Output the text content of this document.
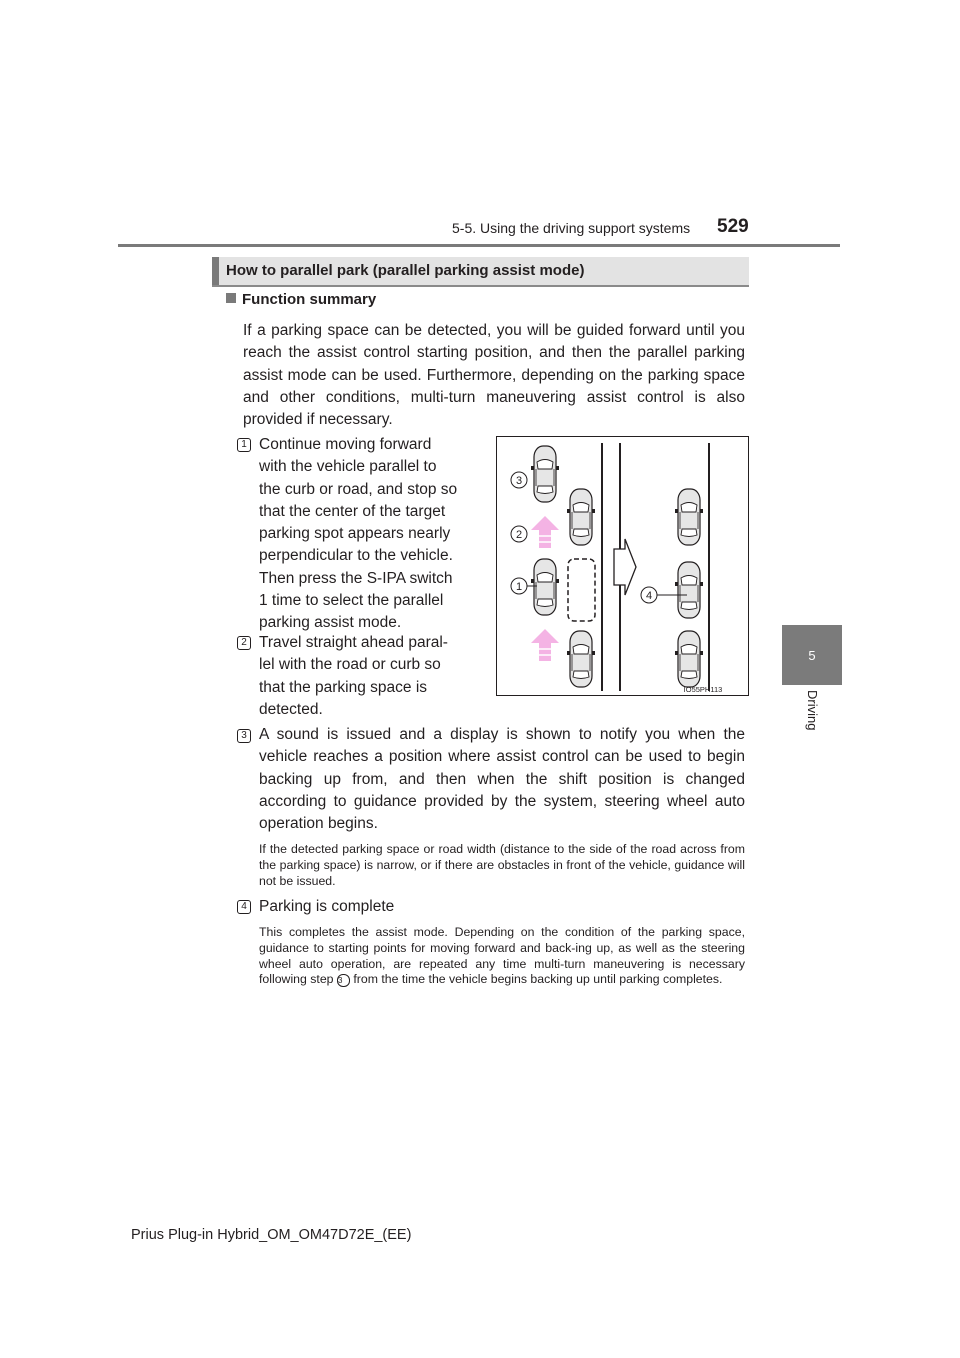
5-5. Using the driving support systems 529
5
Driving
How to parallel park (parallel parking assist mode)
Function summary
If a parking space can be detected, you will be guided forward until you reach the assist control starting position, and then the parallel parking assist mode can be used. Furthermore, depending on the parking space and other conditions, multi-turn maneuvering assist control is also provided if necessary.
1 Continue moving forward
with the vehicle parallel to
the curb or road, and stop so
that the center of the target
parking spot appears nearly
perpendicular to the vehicle.
Then press the S-IPA switch
1 time to select the parallel
parking assist mode.
2 Travel straight ahead paral-
lel with the road or curb so
that the parking space is
detected.
3 A sound is issued and a display is shown to notify you when the vehicle reaches a position where assist control can be used to begin backing up from, and then when the shift position is changed according to guidance provided by the system, steering wheel auto operation begins.
If the detected parking space or road width (distance to the side of the road across from the parking space) is narrow, or if there are obstacles in front of the vehicle, guidance will not be issued.
4 Parking is complete
This completes the assist mode. Depending on the condition of the parking space, guidance to starting points for moving forward and back-ing up, as well as the steering wheel auto operation, are repeated any time multi-turn maneuvering is necessary following step 3 from the time the vehicle begins backing up until parking completes.
3
2
1
4
IO55PH113
Prius Plug-in Hybrid_OM_OM47D72E_(EE)
